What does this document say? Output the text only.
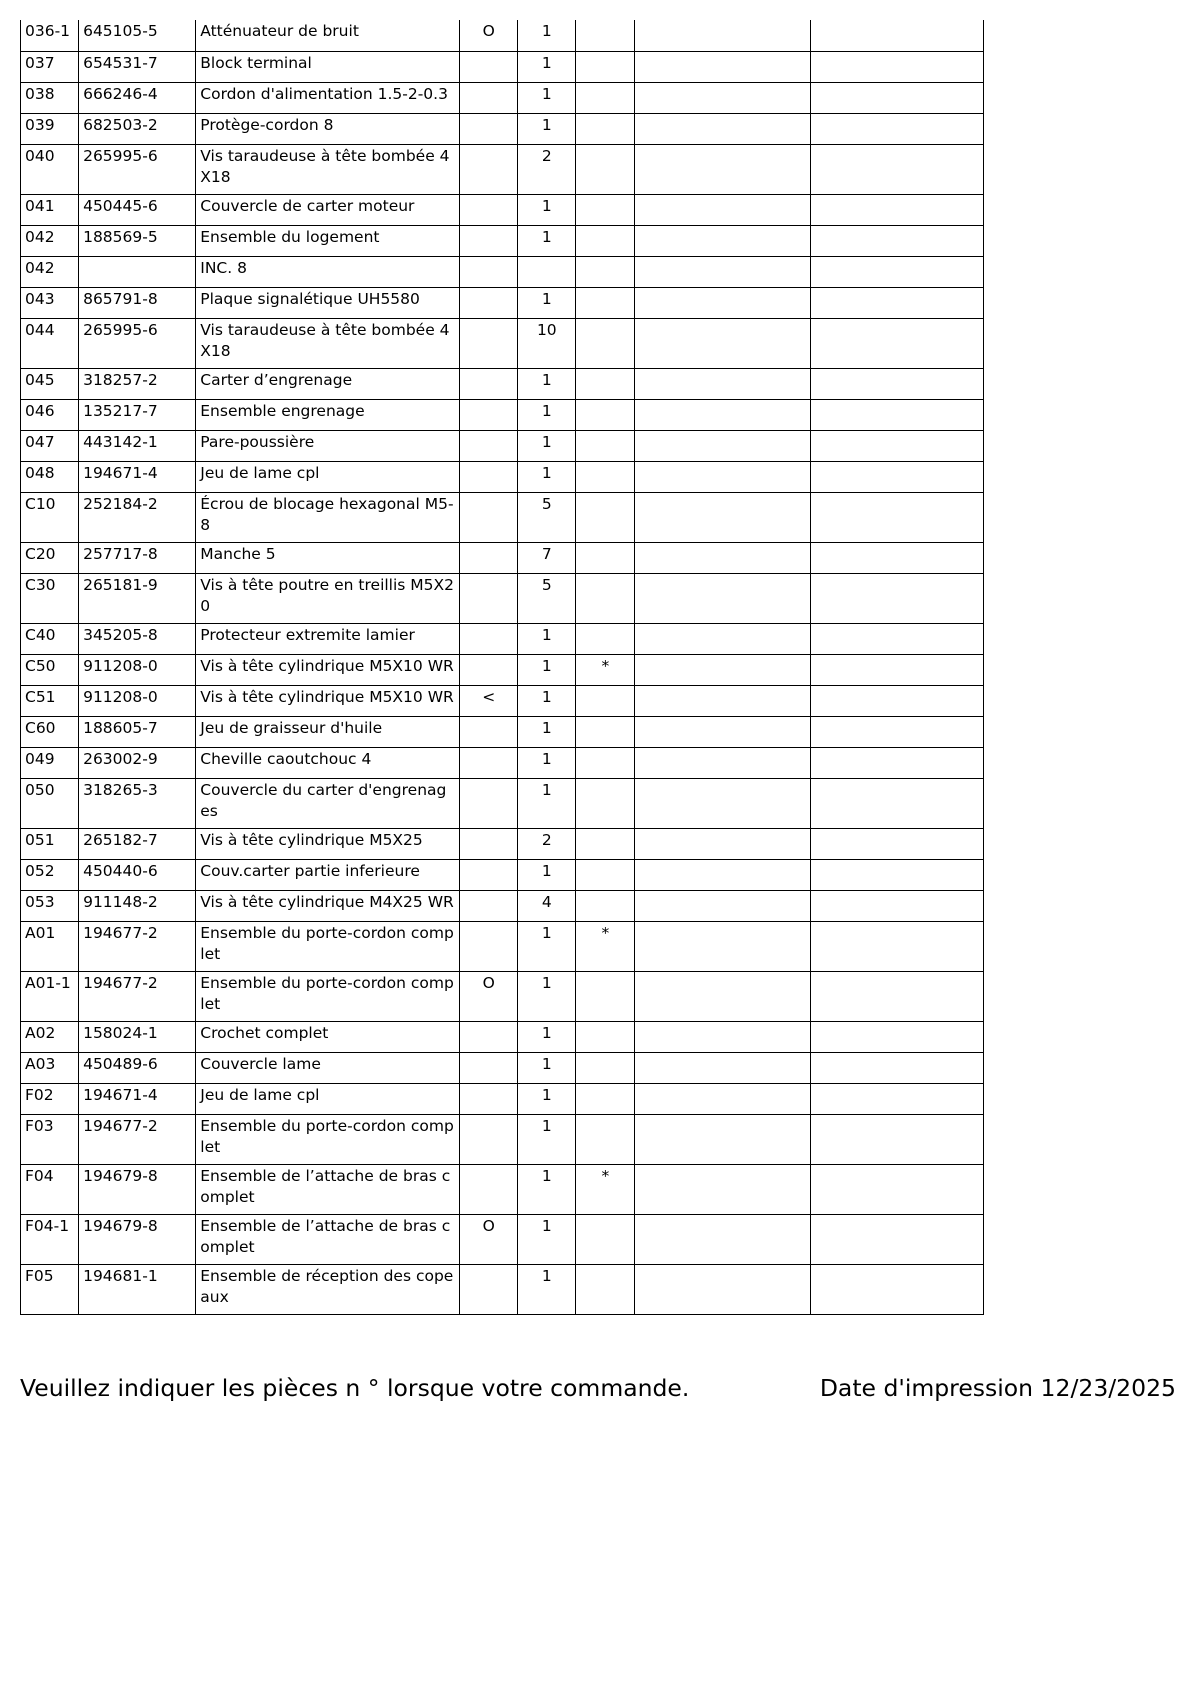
036-1	645105-5	Atténuateur de bruit	O	1			
037	654531-7	Block terminal		1			
038	666246-4	Cordon d'alimentation 1.5-2-0.3		1			
039	682503-2	Protège-cordon 8		1			
040	265995-6	Vis taraudeuse à tête bombée 4X18		2			
041	450445-6	Couvercle de carter moteur		1			
042	188569-5	Ensemble du logement		1			
042		INC. 8					
043	865791-8	Plaque signalétique UH5580		1			
044	265995-6	Vis taraudeuse à tête bombée 4X18		10			
045	318257-2	Carter d’engrenage		1			
046	135217-7	Ensemble engrenage		1			
047	443142-1	Pare-poussière		1			
048	194671-4	Jeu de lame cpl		1			
C10	252184-2	Écrou de blocage hexagonal M5-8		5			
C20	257717-8	Manche 5		7			
C30	265181-9	Vis à tête poutre en treillis M5X20		5			
C40	345205-8	Protecteur extremite lamier		1			
C50	911208-0	Vis à tête cylindrique M5X10 WR		1	*		
C51	911208-0	Vis à tête cylindrique M5X10 WR	<	1			
C60	188605-7	Jeu de graisseur d'huile		1			
049	263002-9	Cheville caoutchouc 4		1			
050	318265-3	Couvercle du carter d'engrenages		1			
051	265182-7	Vis à tête cylindrique M5X25		2			
052	450440-6	Couv.carter partie inferieure		1			
053	911148-2	Vis à tête cylindrique M4X25 WR		4			
A01	194677-2	Ensemble du porte-cordon complet		1	*		
A01-1	194677-2	Ensemble du porte-cordon complet	O	1			
A02	158024-1	Crochet complet		1			
A03	450489-6	Couvercle lame		1			
F02	194671-4	Jeu de lame cpl		1			
F03	194677-2	Ensemble du porte-cordon complet		1			
F04	194679-8	Ensemble de l’attache de bras complet		1	*		
F04-1	194679-8	Ensemble de l’attache de bras complet	O	1			
F05	194681-1	Ensemble de réception des copeaux		1			
Veuillez indiquer les pièces n ° lorsque votre commande.	Date d'impression 12/23/2025
